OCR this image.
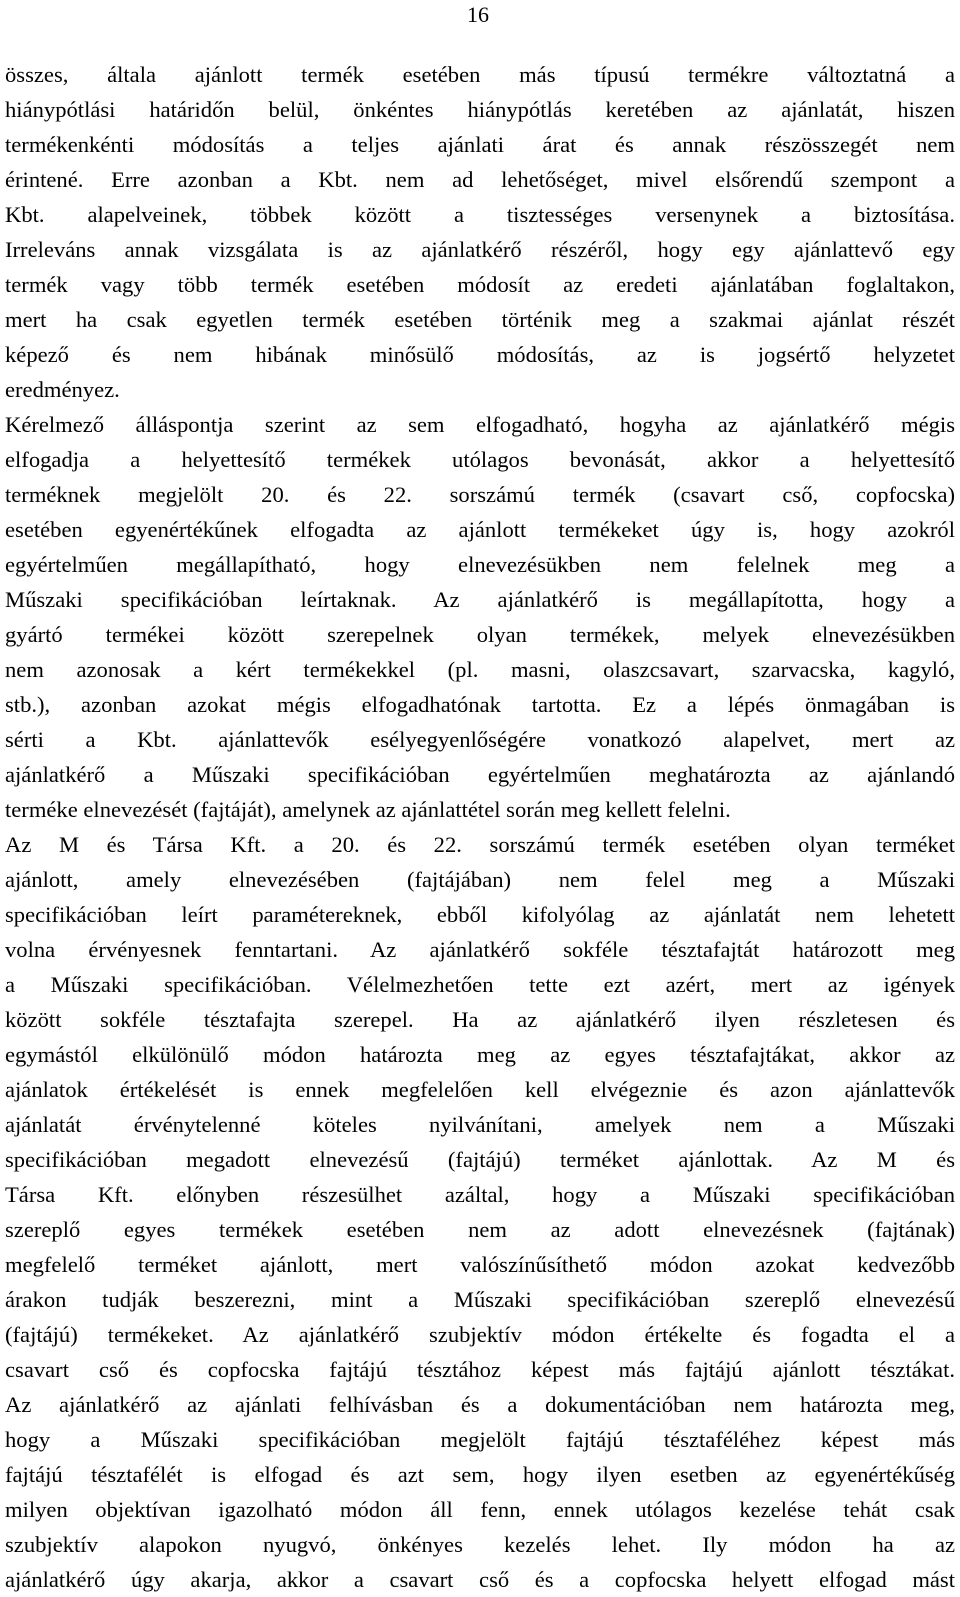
16
összes, általa ajánlott termék esetében más típusú termékre változtatná a
hiánypótlási határidőn belül, önkéntes hiánypótlás keretében az ajánlatát, hiszen
termékenkénti módosítás a teljes ajánlati árat és annak részösszegét nem
érintené. Erre azonban a Kbt. nem ad lehetőséget, mivel elsőrendű szempont a
Kbt. alapelveinek, többek között a tisztességes versenynek a biztosítása.
Irreleváns annak vizsgálata is az ajánlatkérő részéről, hogy egy ajánlattevő egy
termék vagy több termék esetében módosít az eredeti ajánlatában foglaltakon,
mert ha csak egyetlen termék esetében történik meg a szakmai ajánlat részét
képező és nem hibának minősülő módosítás, az is jogsértő helyzetet
eredményez.
Kérelmező álláspontja szerint az sem elfogadható, hogyha az ajánlatkérő mégis
elfogadja a helyettesítő termékek utólagos bevonását, akkor a helyettesítő
terméknek megjelölt 20. és 22. sorszámú termék (csavart cső, copfocska)
esetében egyenértékűnek elfogadta az ajánlott termékeket úgy is, hogy azokról
egyértelműen megállapítható, hogy elnevezésükben nem felelnek meg a
Műszaki specifikációban leírtaknak. Az ajánlatkérő is megállapította, hogy a
gyártó termékei között szerepelnek olyan termékek, melyek elnevezésükben
nem azonosak a kért termékekkel (pl. masni, olaszcsavart, szarvacska, kagyló,
stb.), azonban azokat mégis elfogadhatónak tartotta. Ez a lépés önmagában is
sérti a Kbt. ajánlattevők esélyegyenlőségére vonatkozó alapelvet, mert az
ajánlatkérő a Műszaki specifikációban egyértelműen meghatározta az ajánlandó
terméke elnevezését (fajtáját), amelynek az ajánlattétel során meg kellett felelni.
Az M és Társa Kft. a 20. és 22. sorszámú termék esetében olyan terméket
ajánlott, amely elnevezésében (fajtájában) nem felel meg a Műszaki
specifikációban leírt paramétereknek, ebből kifolyólag az ajánlatát nem lehetett
volna érvényesnek fenntartani. Az ajánlatkérő sokféle tésztafajtát határozott meg
a Műszaki specifikációban. Vélelmezhetően tette ezt azért, mert az igények
között sokféle tésztafajta szerepel. Ha az ajánlatkérő ilyen részletesen és
egymástól elkülönülő módon határozta meg az egyes tésztafajtákat, akkor az
ajánlatok értékelését is ennek megfelelően kell elvégeznie és azon ajánlattevők
ajánlatát érvénytelenné köteles nyilvánítani, amelyek nem a Műszaki
specifikációban megadott elnevezésű (fajtájú) terméket ajánlottak. Az M és
Társa Kft. előnyben részesülhet azáltal, hogy a Műszaki specifikációban
szereplő egyes termékek esetében nem az adott elnevezésnek (fajtának)
megfelelő terméket ajánlott, mert valószínűsíthető módon azokat kedvezőbb
árakon tudják beszerezni, mint a Műszaki specifikációban szereplő elnevezésű
(fajtájú) termékeket. Az ajánlatkérő szubjektív módon értékelte és fogadta el a
csavart cső és copfocska fajtájú tésztához képest más fajtájú ajánlott tésztákat.
Az ajánlatkérő az ajánlati felhívásban és a dokumentációban nem határozta meg,
hogy a Műszaki specifikációban megjelölt fajtájú tésztaféléhez képest más
fajtájú tésztafélét is elfogad és azt sem, hogy ilyen esetben az egyenértékűség
milyen objektívan igazolható módon áll fenn, ennek utólagos kezelése tehát csak
szubjektív alapokon nyugvó, önkényes kezelés lehet. Ily módon ha az
ajánlatkérő úgy akarja, akkor a csavart cső és a copfocska helyett elfogad mást
